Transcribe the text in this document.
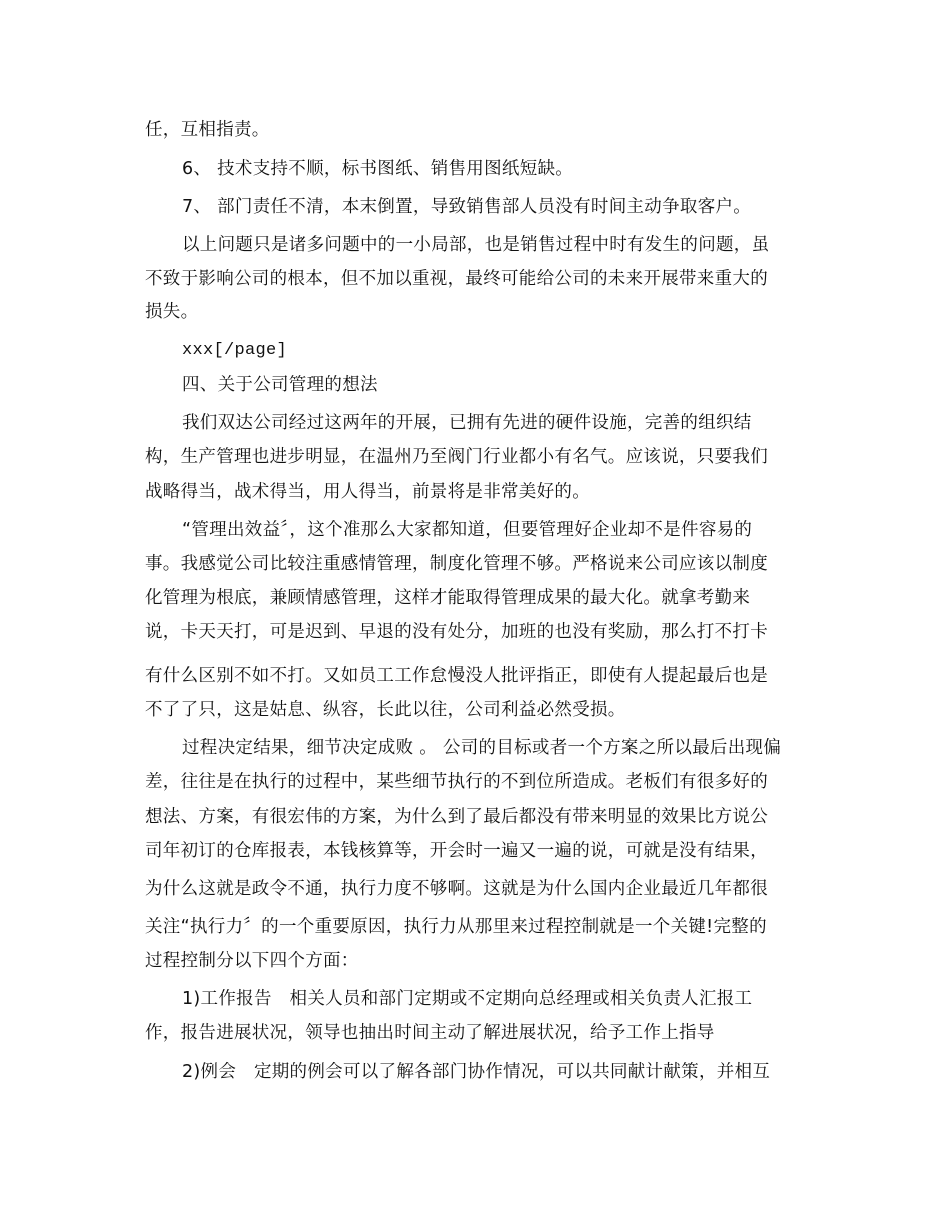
任，互相指责。
6、 技术支持不顺，标书图纸、销售用图纸短缺。
7、 部门责任不清，本末倒置，导致销售部人员没有时间主动争取客户。
以上问题只是诸多问题中的一小局部，也是销售过程中时有发生的问题，虽
不致于影响公司的根本，但不加以重视，最终可能给公司的未来开展带来重大的
损失。
xxx[/page]
四、关于公司管理的想法
我们双达公司经过这两年的开展，已拥有先进的硬件设施，完善的组织结
构，生产管理也进步明显，在温州乃至阀门行业都小有名气。应该说，只要我们
战略得当，战术得当，用人得当，前景将是非常美好的。
“管理出效益〞，这个准那么大家都知道，但要管理好企业却不是件容易的
事。我感觉公司比较注重感情管理，制度化管理不够。严格说来公司应该以制度
化管理为根底，兼顾情感管理，这样才能取得管理成果的最大化。就拿考勤来
说，卡天天打，可是迟到、早退的没有处分，加班的也没有奖励，那么打不打卡
有什么区别不如不打。又如员工工作怠慢没人批评指正，即使有人提起最后也是
不了了只，这是姑息、纵容，长此以往，公司利益必然受损。
过程决定结果，细节决定成败 。 公司的目标或者一个方案之所以最后出现偏
差，往往是在执行的过程中，某些细节执行的不到位所造成。老板们有很多好的
想法、方案，有很宏伟的方案，为什么到了最后都没有带来明显的效果比方说公
司年初订的仓库报表，本钱核算等，开会时一遍又一遍的说，可就是没有结果，
为什么这就是政令不通，执行力度不够啊。这就是为什么国内企业最近几年都很
关注“执行力〞的一个重要原因，执行力从那里来过程控制就是一个关键!完整的
过程控制分以下四个方面：
1)工作报告　相关人员和部门定期或不定期向总经理或相关负责人汇报工
作，报告进展状况，领导也抽出时间主动了解进展状况，给予工作上指导
2)例会　定期的例会可以了解各部门协作情况，可以共同献计献策，并相互
